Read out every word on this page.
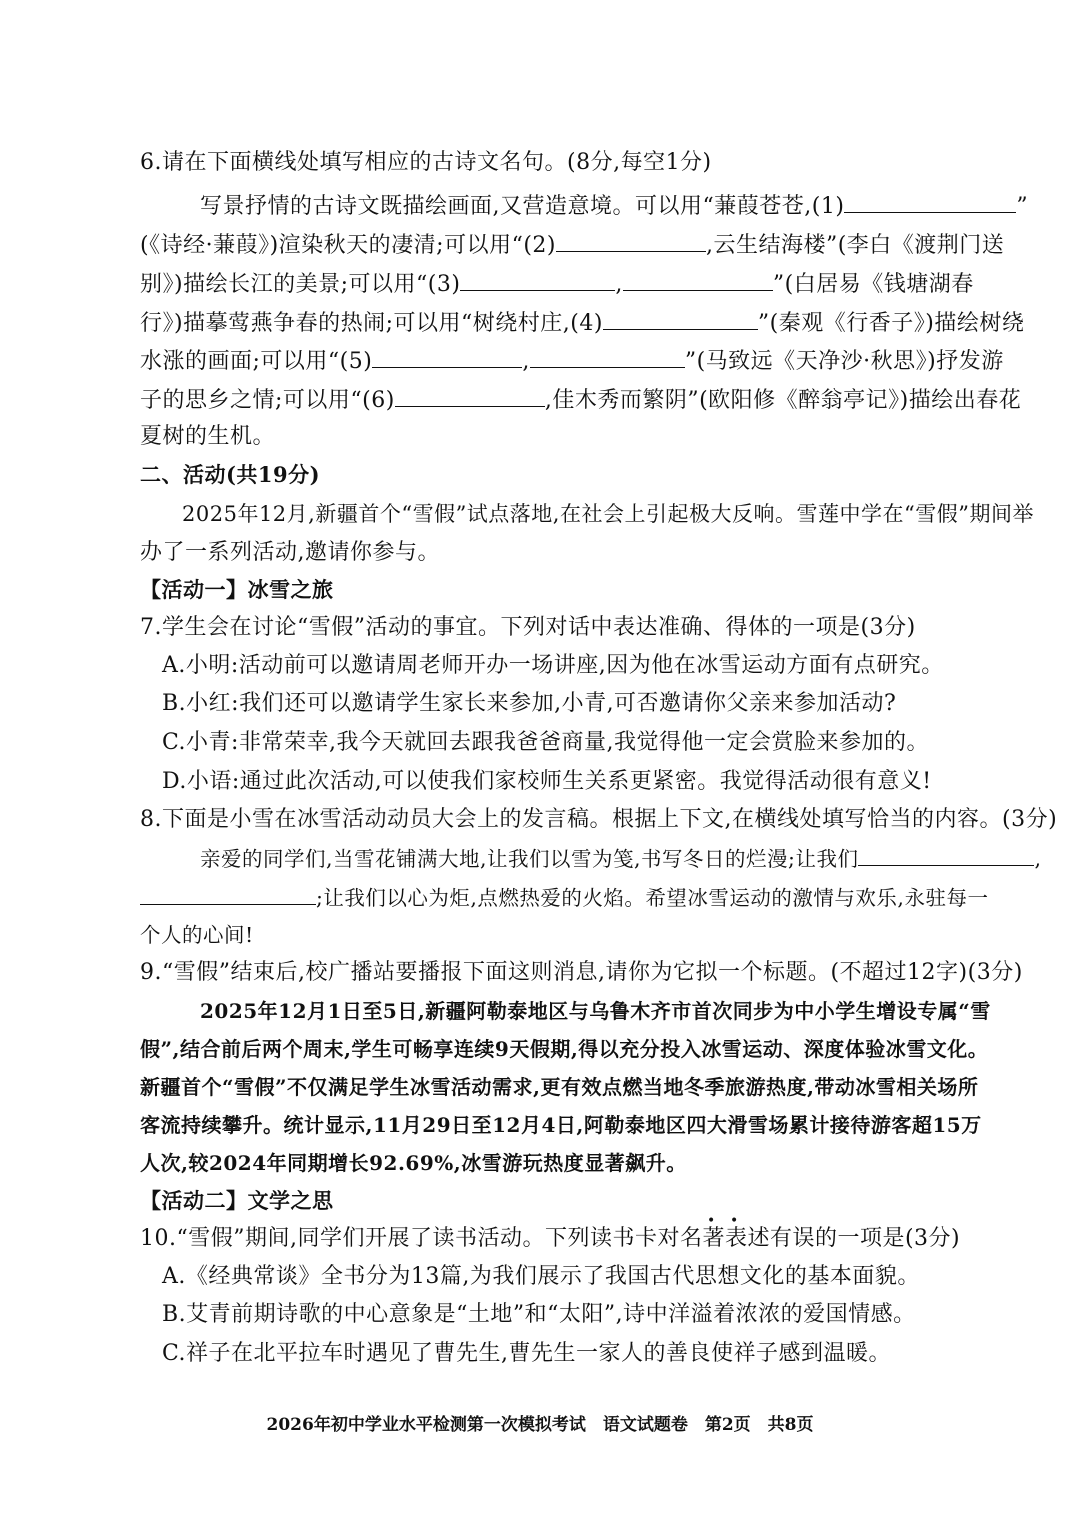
6.请在下面横线处填写相应的古诗文名句。(8分,每空1分)
写景抒情的古诗文既描绘画面,又营造意境。可以用“蒹葭苍苍,(1)	”
(《诗经·蒹葭》)渲染秋天的凄清;可以用“(2)	,云生结海楼”(李白《渡荆门送
别》)描绘长江的美景;可以用“(3)	,	”(白居易《钱塘湖春
行》)描摹莺燕争春的热闹;可以用“树绕村庄,(4)	”(秦观《行香子》)描绘树绕
水涨的画面;可以用“(5)	,	”(马致远《天净沙·秋思》)抒发游
子的思乡之情;可以用“(6)	,佳木秀而繁阴”(欧阳修《醉翁亭记》)描绘出春花
夏树的生机。
二、活动(共19分)
2025年12月,新疆首个“雪假”试点落地,在社会上引起极大反响。雪莲中学在“雪假”期间举
办了一系列活动,邀请你参与。
【活动一】冰雪之旅
7.学生会在讨论“雪假”活动的事宜。下列对话中表达准确、得体的一项是(3分)
A.小明:活动前可以邀请周老师开办一场讲座,因为他在冰雪运动方面有点研究。
B.小红:我们还可以邀请学生家长来参加,小青,可否邀请你父亲来参加活动?
C.小青:非常荣幸,我今天就回去跟我爸爸商量,我觉得他一定会赏脸来参加的。
D.小语:通过此次活动,可以使我们家校师生关系更紧密。我觉得活动很有意义!
8.下面是小雪在冰雪活动动员大会上的发言稿。根据上下文,在横线处填写恰当的内容。(3分)
亲爱的同学们,当雪花铺满大地,让我们以雪为笺,书写冬日的烂漫;让我们	,
;让我们以心为炬,点燃热爱的火焰。希望冰雪运动的激情与欢乐,永驻每一
个人的心间!
9.“雪假”结束后,校广播站要播报下面这则消息,请你为它拟一个标题。(不超过12字)(3分)
2025年12月1日至5日,新疆阿勒泰地区与乌鲁木齐市首次同步为中小学生增设专属“雪
假”,结合前后两个周末,学生可畅享连续9天假期,得以充分投入冰雪运动、深度体验冰雪文化。
新疆首个“雪假”不仅满足学生冰雪活动需求,更有效点燃当地冬季旅游热度,带动冰雪相关场所
客流持续攀升。统计显示,11月29日至12月4日,阿勒泰地区四大滑雪场累计接待游客超15万
人次,较2024年同期增长92.69%,冰雪游玩热度显著飙升。
【活动二】文学之思
10.“雪假”期间,同学们开展了读书活动。下列读书卡对名著表述有误的一项是(3分)
• •
A.《经典常谈》全书分为13篇,为我们展示了我国古代思想文化的基本面貌。
B.艾青前期诗歌的中心意象是“土地”和“太阳”,诗中洋溢着浓浓的爱国情感。
C.祥子在北平拉车时遇见了曹先生,曹先生一家人的善良使祥子感到温暖。
2026年初中学业水平检测第一次模拟考试　语文试题卷　第2页　共8页
